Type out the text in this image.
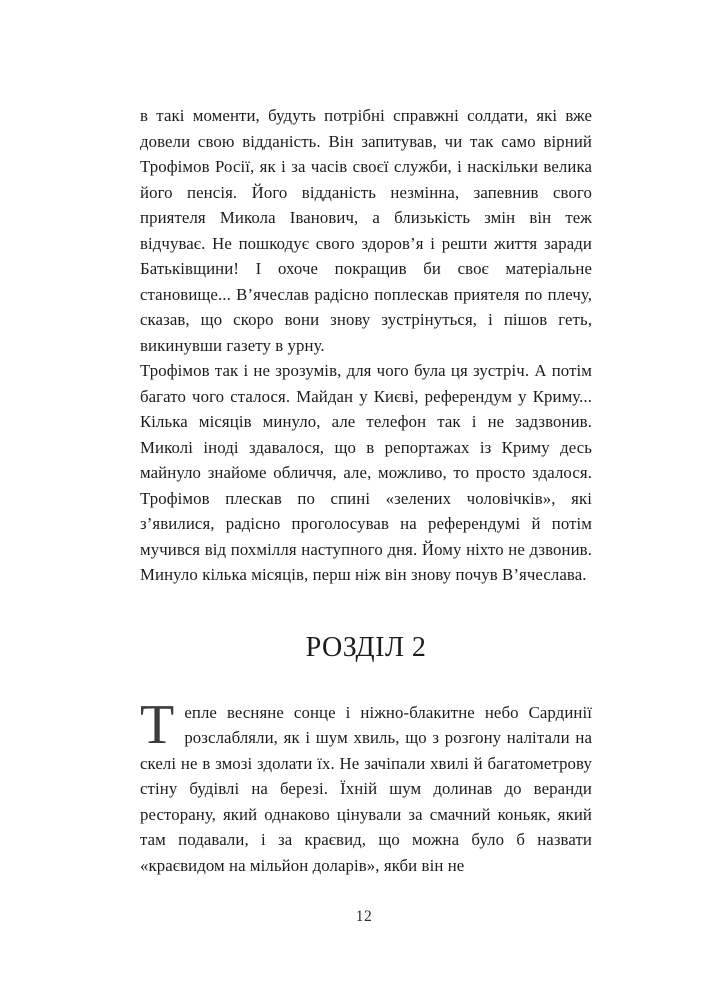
в такі моменти, будуть потрібні справжні солдати, які вже довели свою відданість. Він запитував, чи так само вірний Трофімов Росії, як і за часів своєї служби, і наскільки велика його пенсія. Його відданість незмінна, запевнив свого приятеля Микола Іванович, а близькість змін він теж відчуває. Не пошкодує свого здоров’я і решти життя заради Батьківщини! І охоче покращив би своє матеріальне становище... В’ячеслав радісно поплескав приятеля по плечу, сказав, що скоро вони знову зустрінуться, і пішов геть, викинувши газету в урну.

Трофімов так і не зрозумів, для чого була ця зустріч. А потім багато чого сталося. Майдан у Києві, референдум у Криму... Кілька місяців минуло, але телефон так і не задзвонив. Миколі іноді здавалося, що в репортажах із Криму десь майнуло знайоме обличчя, але, можливо, то просто здалося. Трофімов плескав по спині «зелених чоловічків», які з’явилися, радісно проголосував на референдумі й потім мучився від похмілля наступного дня. Йому ніхто не дзвонив. Минуло кілька місяців, перш ніж він знову почув В’ячеслава.

РОЗДІЛ 2

Тепле весняне сонце і ніжно-блакитне небо Сардинії розслабляли, як і шум хвиль, що з розгону налітали на скелі не в змозі здолати їх. Не зачіпали хвилі й багатометрову стіну будівлі на березі. Їхній шум долинав до веранди ресторану, який однаково цінували за смачний коньяк, який там подавали, і за краєвид, що можна було б назвати «краєвидом на мільйон доларів», якби він не

12
